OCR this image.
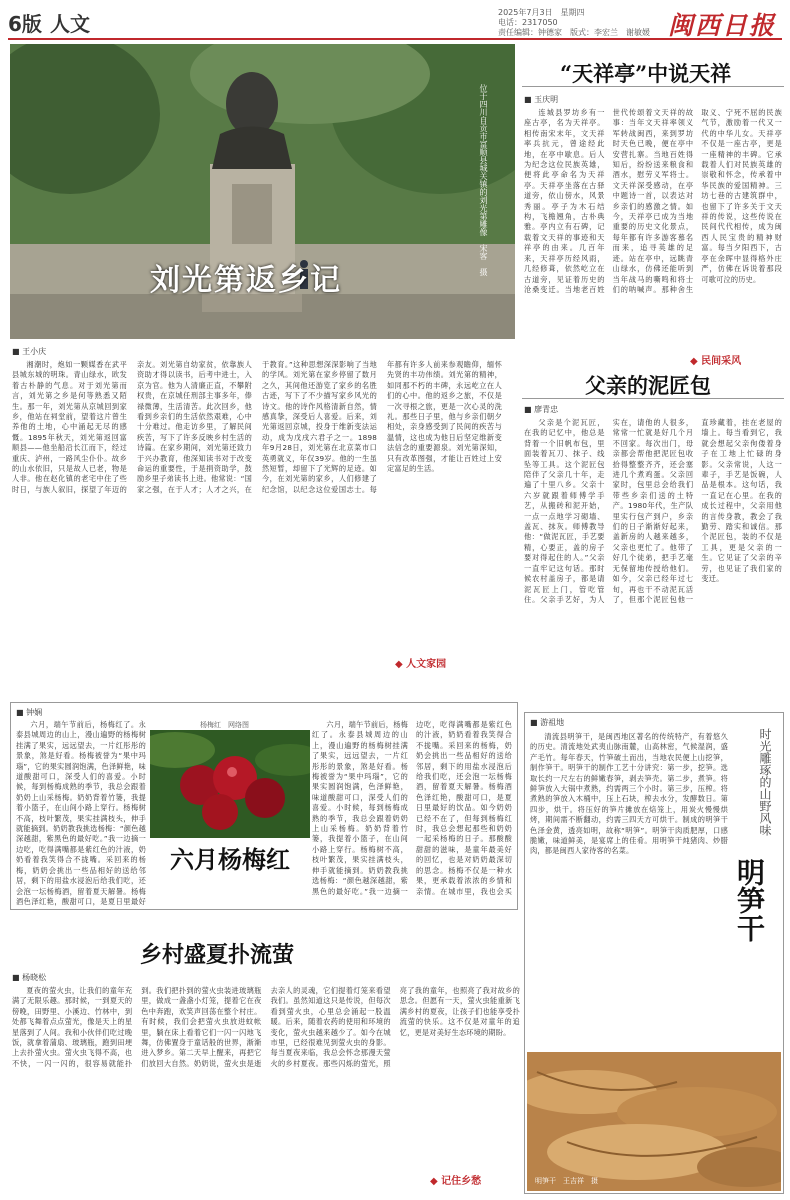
6版 人文	2025年7月3日　星期四
电话：2317050
责任编辑：钟德家　版式：李宏兰　谢敏媛 闽西日报
位于四川自贡市富顺县城关镇的刘光第雕像　宋客　摄
刘光第返乡记
■ 王小庆

湘潮时，炮如一颗媒香在武平县城东城的明珠。青山绿水，欧发着古朴静的气息。对于刘光第而言，刘光第之乡是何等熟悉又陌生。那一年，刘光第从京城回到家乡，他站在祠堂前，望着这片曾生养他的土地，心中涌起无尽的感慨。1895年秋天，刘光第返回富顺县——他坐船沿长江而下，经过重庆、泸州，一路风尘仆仆。故乡的山水依旧，只是故人已老，物是人非。他在赵化镇的老宅中住了些时日，与族人叙旧，探望了年迈的亲友。刘光第自幼家贫，依靠族人资助才得以读书，后考中进士，入京为官。他为人清廉正直，不攀附权贵，在京城任刑部主事多年，俸禄微薄，生活清苦。此次回乡，他看到乡亲们的生活依然艰难，心中十分难过。他走访乡里，了解民间疾苦，写下了许多反映乡村生活的诗篇。在家乡期间，刘光第还致力于兴办教育，他深知读书对于改变命运的重要性，于是捐资助学，鼓励乡里子弟读书上进。他常说：“国家之强，在于人才；人才之兴，在于教育。”这种思想深深影响了当地的学风。刘光第在家乡停留了数月之久，其间他还游览了家乡的名胜古迹，写下了不少描写家乡风光的诗文。他的诗作风格清新自然，情感真挚，深受后人喜爱。后来，刘光第返回京城，投身于维新变法运动，成为戊戌六君子之一。1898年9月28日，刘光第在北京菜市口英勇就义，年仅39岁。他的一生虽然短暂，却留下了光辉的足迹。如今，在刘光第的家乡，人们修建了纪念馆，以纪念这位爱国志士。每年都有许多人前来参观瞻仰，缅怀先贤的丰功伟绩。刘光第的精神，如同那不朽的丰碑，永远屹立在人们的心中。他的返乡之旅，不仅是一次寻根之旅，更是一次心灵的洗礼。那些日子里，他与乡亲们朝夕相处，亲身感受到了民间的疾苦与温情，这也成为他日后坚定维新变法信念的重要源泉。刘光第深知，只有改革图强，才能让百姓过上安定富足的生活。

◆ 人文家园
“天祥亭”中说天祥
■ 玉庆明

连城县罗坊乡有一座古亭，名为天祥亭。相传南宋末年，文天祥率兵抗元，曾途经此地，在亭中歇息。后人为纪念这位民族英雄，便将此亭命名为天祥亭。天祥亭坐落在古驿道旁，依山傍水，风景秀丽。亭子为木石结构，飞檐翘角，古朴典雅。亭内立有石碑，记载着文天祥的事迹和天祥亭的由来。几百年来，天祥亭历经风雨，几经修葺，依然屹立在古道旁，见证着历史的沧桑变迁。当地老百姓世代传颂着文天祥的故事：当年文天祥率领义军转战闽西，来到罗坊时天色已晚，便在亭中安营扎寨。当地百姓得知后，纷纷送来粮食和酒水，慰劳义军将士。文天祥深受感动，在亭中题诗一首，以表达对乡亲们的感激之情。如今，天祥亭已成为当地重要的历史文化景点，每年都有许多游客慕名而来，追寻英雄的足迹。站在亭中，远眺青山绿水，仿佛还能听到当年战马的嘶鸣和将士们的呐喊声。那种舍生取义、宁死不屈的民族气节，激励着一代又一代的中华儿女。天祥亭不仅是一座古亭，更是一座精神的丰碑。它承载着人们对民族英雄的崇敬和怀念，传承着中华民族的爱国精神。三坊七巷的古建筑群中，也留下了许多关于文天祥的传说，这些传说在民间代代相传，成为闽西人民宝贵的精神财富。每当夕阳西下，古亭在余晖中显得格外庄严，仿佛在诉说着那段可歌可泣的历史。

◆ 民间采风
父亲的泥匠包
■ 廖青忠

父亲是个泥瓦匠，在我的记忆中，他总是背着一个旧帆布包，里面装着瓦刀、抹子、线坠等工具。这个泥匠包陪伴了父亲几十年，走遍了十里八乡。父亲十六岁就跟着师傅学手艺，从搬砖和泥开始，一点一点地学习砌墙、盖瓦、抹灰。师傅教导他：“做泥瓦匠，手艺要精，心要正，盖的房子要对得起住的人。”父亲一直牢记这句话。那时候农村盖房子，都是请泥瓦匠上门，管吃管住。父亲手艺好，为人实在，请他的人很多，常常一忙就是好几个月不回家。每次出门，母亲都会帮他把泥匠包收拾得整整齐齐，还会塞进几个煮鸡蛋。父亲回家时，包里总会给我们带些乡亲们送的土特产。1980年代，生产队里实行包产到户，乡亲们的日子渐渐好起来，盖新房的人越来越多，父亲也更忙了。他带了好几个徒弟，把手艺毫无保留地传授给他们。如今，父亲已经年过七旬，再也干不动泥瓦活了，但那个泥匠包他一直珍藏着，挂在老屋的墙上。每当看到它，我就会想起父亲佝偻着身子在工地上忙碌的身影。父亲常说，人这一辈子，手艺是饭碗，人品是根本。这句话，我一直记在心里。在我的成长过程中，父亲用他的言传身教，教会了我勤劳、踏实和诚信。那个泥匠包，装的不仅是工具，更是父亲的一生。它见证了父亲的辛劳，也见证了我们家的变迁。

■ 钟娴
杨梅红　网络图
六月杨梅红

六月，端午节前后，杨梅红了。永泰县城周边的山上，漫山遍野的杨梅树挂满了果实，远远望去，一片红彤彤的景象，煞是好看。杨梅被誉为“果中玛瑙”，它的果实圆润饱满，色泽鲜艳，味道酸甜可口，深受人们的喜爱。小时候，每到杨梅成熟的季节，我总会跟着奶奶上山采杨梅。奶奶背着竹篓，我提着小篮子，在山间小路上穿行。杨梅树不高，枝叶繁茂，果实挂满枝头，伸手就能摘到。奶奶教我挑选杨梅：“颜色越深越甜，紫黑色的最好吃。”我一边摘一边吃，吃得满嘴都是紫红色的汁液，奶奶看着我笑得合不拢嘴。采回来的杨梅，奶奶会挑出一些品相好的送给邻居，剩下的用盐水浸泡后给我们吃，还会泡一坛杨梅酒，留着夏天解暑。杨梅酒色泽红艳，酸甜可口，是夏日里最好

六月，端午节前后，杨梅红了。永泰县城周边的山上，漫山遍野的杨梅树挂满了果实，远远望去，一片红彤彤的景象，煞是好看。杨梅被誉为“果中玛瑙”，它的果实圆润饱满，色泽鲜艳，味道酸甜可口，深受人们的喜爱。小时候，每到杨梅成熟的季节，我总会跟着奶奶上山采杨梅。奶奶背着竹篓，我提着小篮子，在山间小路上穿行。杨梅树不高，枝叶繁茂，果实挂满枝头，伸手就能摘到。奶奶教我挑选杨梅：“颜色越深越甜，紫黑色的最好吃。”我一边摘一边吃，吃得满嘴都是紫红色的汁液，奶奶看着我笑得合不拢嘴。采回来的杨梅，奶奶会挑出一些品相好的送给邻居，剩下的用盐水浸泡后给我们吃，还会泡一坛杨梅酒，留着夏天解暑。杨梅酒色泽红艳，酸甜可口，是夏日里最好的饮品。如今奶奶已经不在了，但每到杨梅红时，我总会想起那些和奶奶一起采杨梅的日子。那酸酸甜甜的滋味，是童年最美好的回忆，也是对奶奶最深切的思念。杨梅不仅是一种水果，更承载着浓浓的乡情和亲情。在城市里，我也会买

乡村盛夏扑流萤
■ 杨晓松

夏夜的萤火虫，让我们的童年充满了无限乐趣。那时候，一到夏天的傍晚，田野里、小溪边、竹林中，到处都飞舞着点点萤光，像是天上的星星落到了人间。我和小伙伴们吃过晚饭，就拿着蒲扇、玻璃瓶，跑到田埂上去扑萤火虫。萤火虫飞得不高，也不快，一闪一闪的，很容易就能扑到。我们把扑到的萤火虫装进玻璃瓶里，做成一盏盏小灯笼，提着它在夜色中奔跑，欢笑声回荡在整个村庄。有时候，我们会把萤火虫放进蚊帐里，躺在床上看着它们一闪一闪地飞舞，仿佛置身于童话般的世界，渐渐进入梦乡。第二天早上醒来，再把它们放回大自然。奶奶说，萤火虫是逝去亲人的灵魂，它们提着灯笼来看望我们。虽然知道这只是传说，但每次看到萤火虫，心里总会涌起一股温暖。后来，随着农药的使用和环境的变化，萤火虫越来越少了。如今在城市里，已经很难见到萤火虫的身影。每当夏夜来临，我总会怀念那漫天萤火的乡村夏夜。那些闪烁的萤光，照亮了我的童年，也照亮了我对故乡的思念。但愿有一天，萤火虫能重新飞满乡村的夏夜，让孩子们也能享受扑流萤的快乐。这不仅是对童年的追忆，更是对美好生态环境的期盼。

◆ 记住乡愁
■ 游祖地

清流县明笋干，是闽西地区著名的传统特产，有着悠久的历史。清流地处武夷山脉南麓，山高林密，气候湿润，盛产毛竹。每年春天，竹笋破土而出，当地农民便上山挖笋，制作笋干。明笋干的制作工艺十分讲究：第一步，挖笋。选取长约一尺左右的鲜嫩春笋，剥去笋壳。第二步，煮笋。将鲜笋放入大锅中煮熟，约需两三个小时。第三步，压榨。将煮熟的笋放入木桶中，压上石块，榨去水分，发酵数日。第四步，烘干。将压好的笋片摊放在焙笼上，用炭火慢慢烘烤，期间需不断翻动，约需三四天方可烘干。制成的明笋干色泽金黄，透亮如明，故称“明笋”。明笋干肉质肥厚，口感脆嫩，味道鲜美，是宴席上的佳肴。用明笋干炖猪肉、炒腊肉，都是闽西人家待客的名菜。

时光雕琢的山野风味
明笋干
明笋干　王吉祥　摄
